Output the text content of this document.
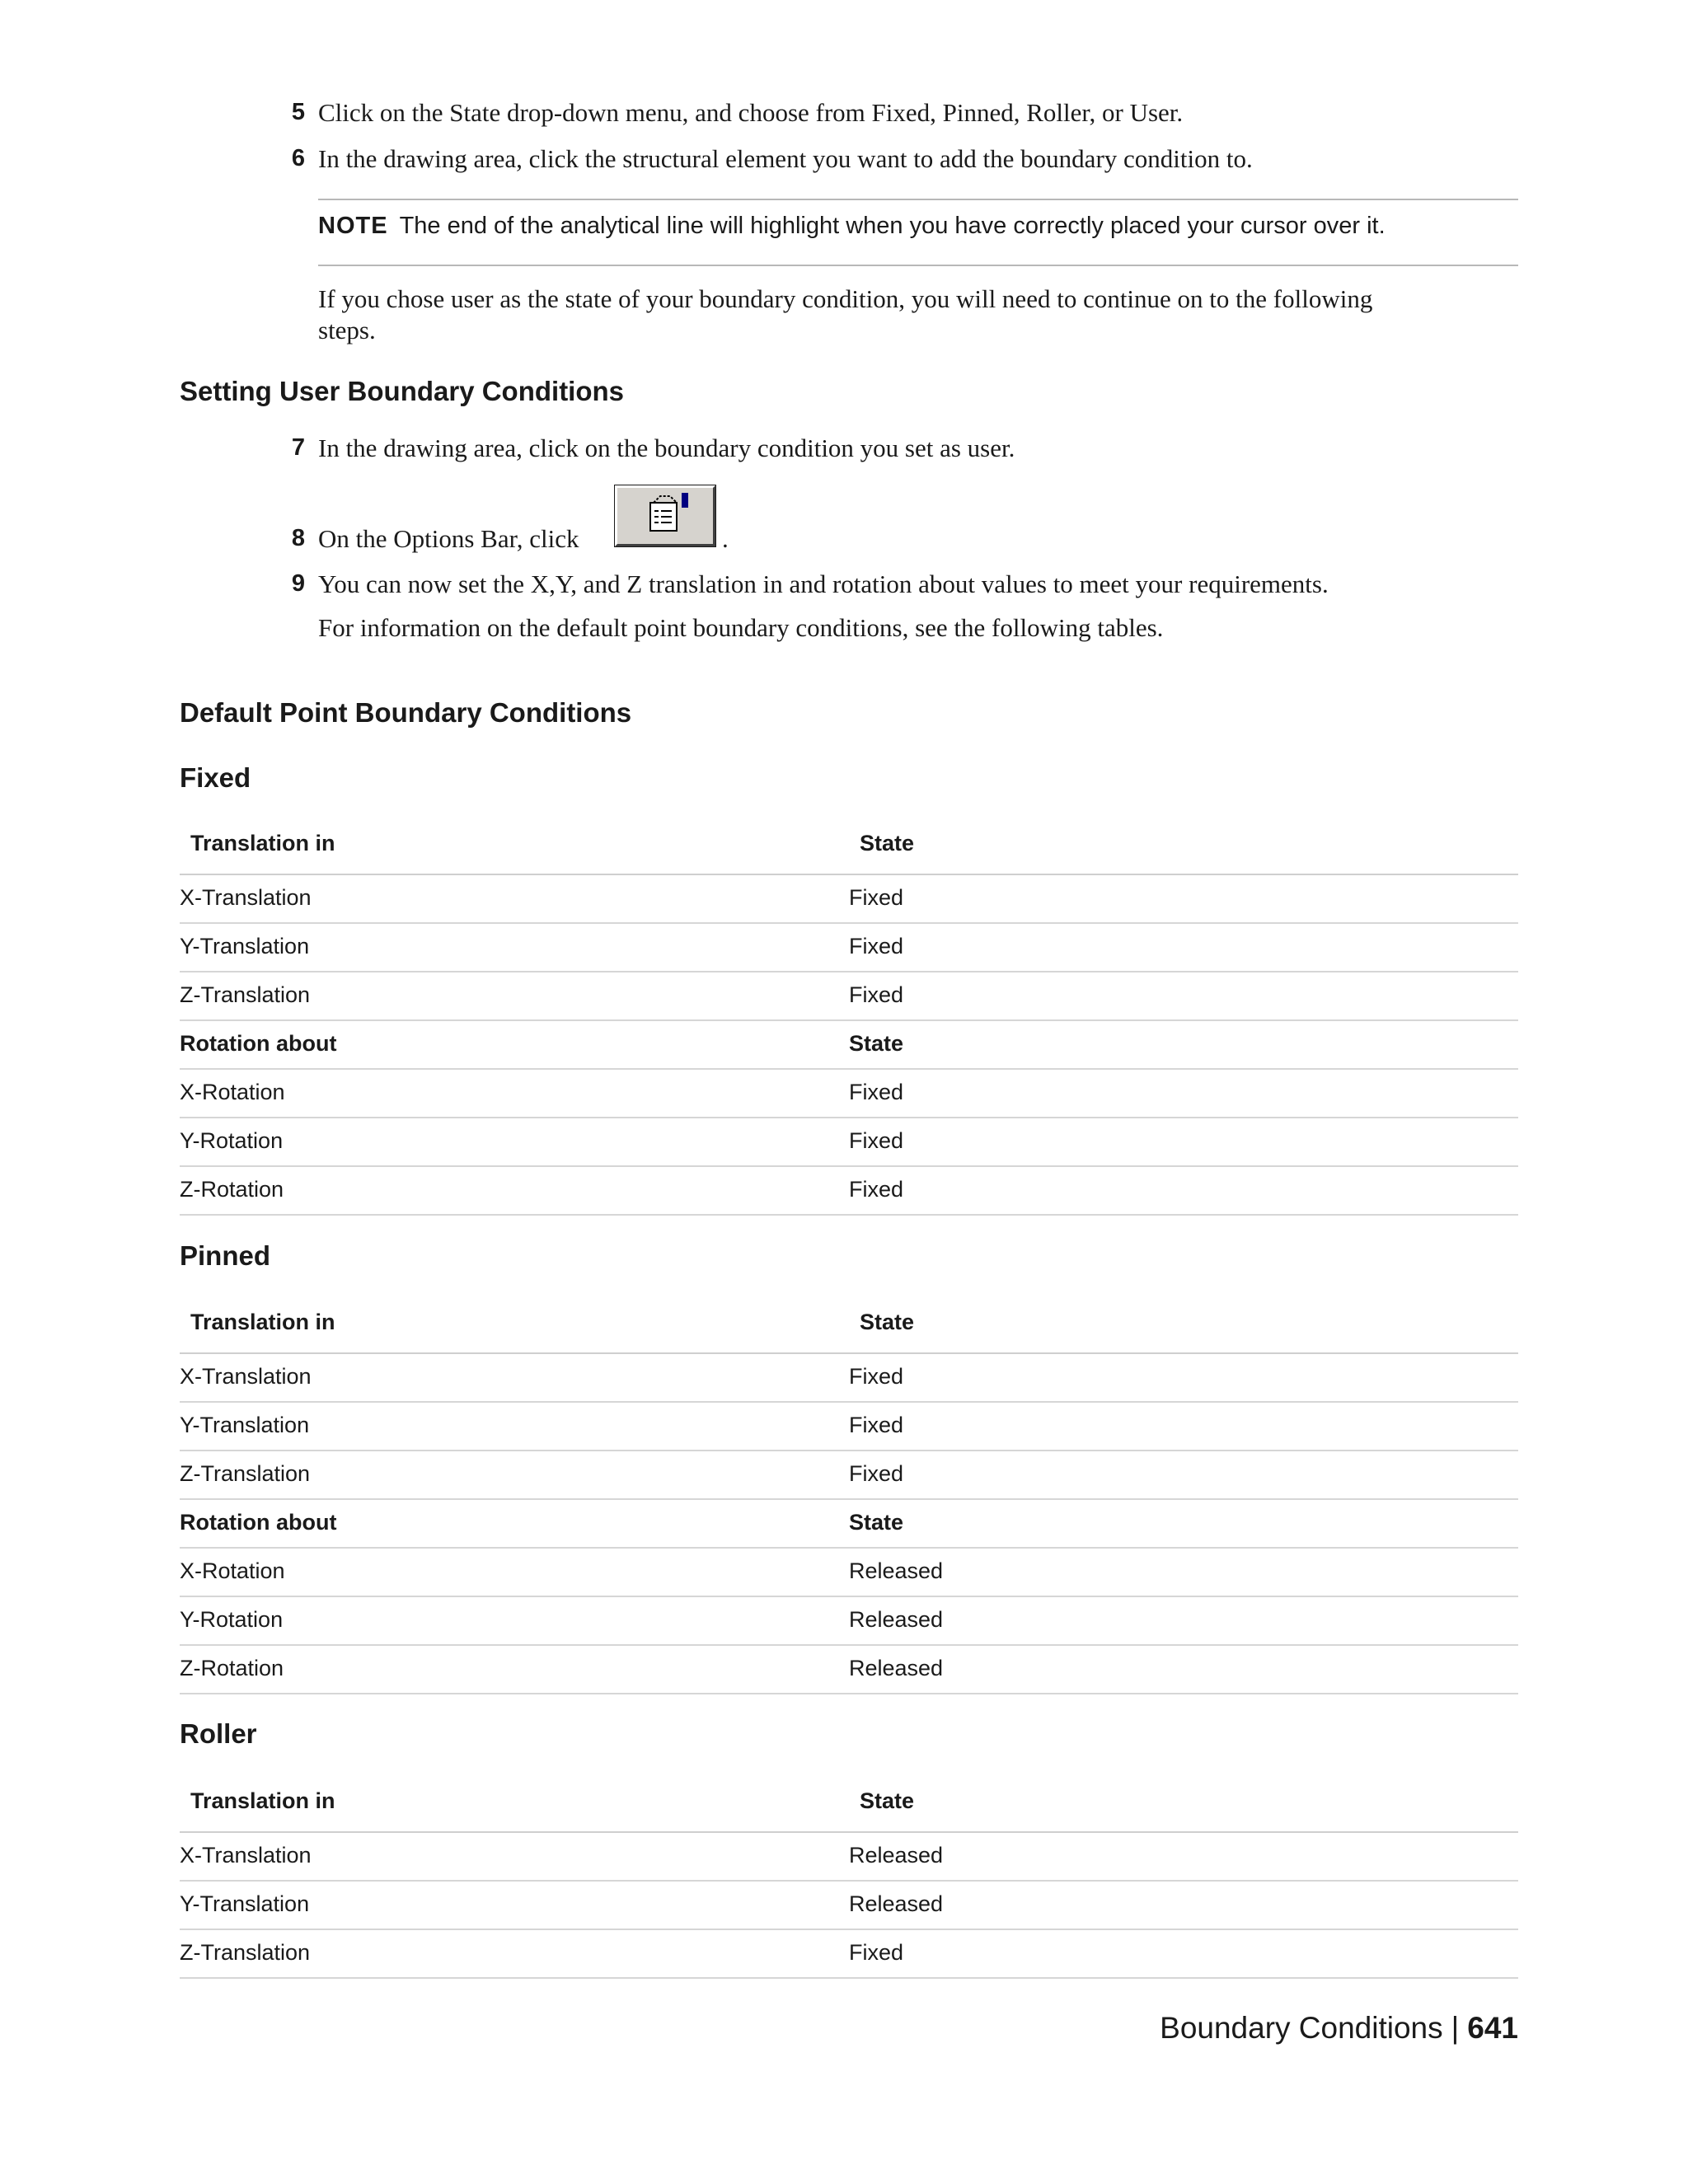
5 Click on the State drop-down menu, and choose from Fixed, Pinned, Roller, or User.
6 In the drawing area, click the structural element you want to add the boundary condition to.
NOTE The end of the analytical line will highlight when you have correctly placed your cursor over it.
If you chose user as the state of your boundary condition, you will need to continue on to the following
steps.
Setting User Boundary Conditions
7 In the drawing area, click on the boundary condition you set as user.
8 On the Options Bar, click	.
9 You can now set the X,Y, and Z translation in and rotation about values to meet your requirements.
For information on the default point boundary conditions, see the following tables.
Default Point Boundary Conditions
Fixed
Translation in	State
X-Translation	Fixed
Y-Translation	Fixed
Z-Translation	Fixed
Rotation about	State
X-Rotation	Fixed
Y-Rotation	Fixed
Z-Rotation	Fixed
Pinned
Translation in	State
X-Translation	Fixed
Y-Translation	Fixed
Z-Translation	Fixed
Rotation about	State
X-Rotation	Released
Y-Rotation	Released
Z-Rotation	Released
Roller
Translation in	State
X-Translation	Released
Y-Translation	Released
Z-Translation	Fixed
Boundary Conditions | 641
